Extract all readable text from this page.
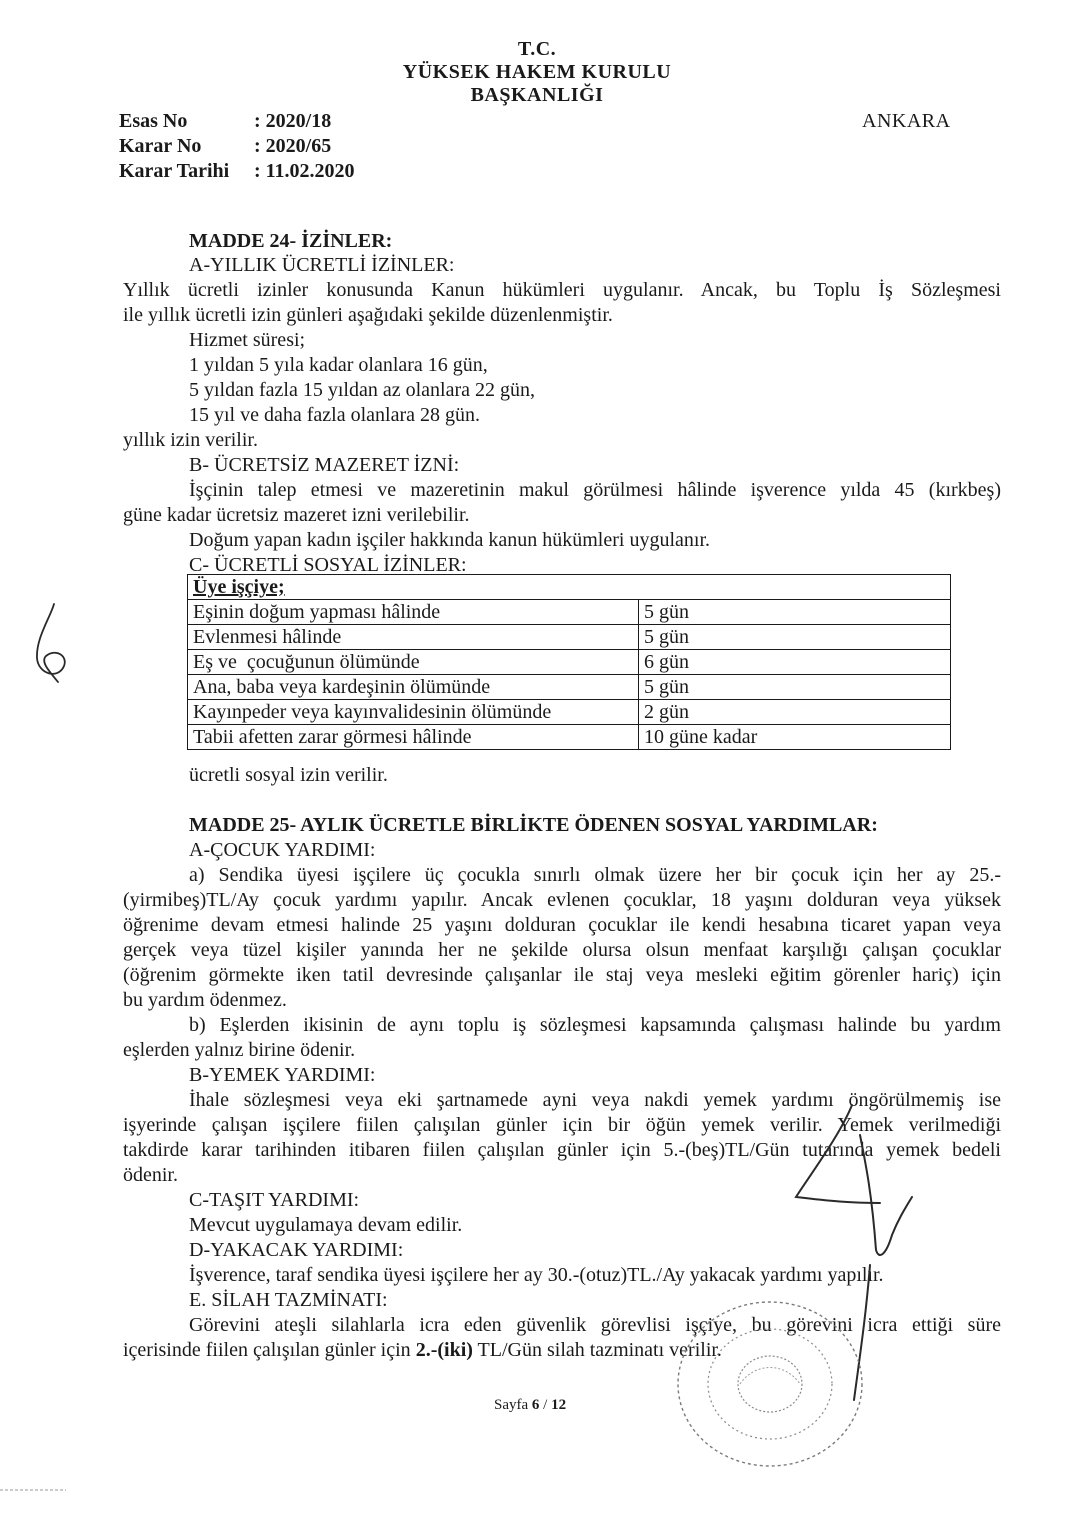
T.C.
YÜKSEK HAKEM KURULU
BAŞKANLIĞI
Esas No	: 2020/18
Karar No	: 2020/65
Karar Tarihi : 11.02.2020
ANKARA
MADDE 24- İZİNLER:
A-YILLIK ÜCRETLİ İZİNLER:
Yıllık ücretli izinler konusunda Kanun hükümleri uygulanır. Ancak, bu Toplu İş Sözleşmesi
ile yıllık ücretli izin günleri aşağıdaki şekilde düzenlenmiştir.
Hizmet süresi;
1 yıldan 5 yıla kadar olanlara 16 gün,
5 yıldan fazla 15 yıldan az olanlara 22 gün,
15 yıl ve daha fazla olanlara 28 gün.
yıllık izin verilir.
B- ÜCRETSİZ MAZERET İZNİ:
İşçinin talep etmesi ve mazeretinin makul görülmesi hâlinde işverence yılda 45 (kırkbeş)
güne kadar ücretsiz mazeret izni verilebilir.
Doğum yapan kadın işçiler hakkında kanun hükümleri uygulanır.
C- ÜCRETLİ SOSYAL İZİNLER:
Üye işçiye;	
Eşinin doğum yapması hâlinde	5 gün
Evlenmesi hâlinde	5 gün
Eş ve  çocuğunun ölümünde	6 gün
Ana, baba veya kardeşinin ölümünde	5 gün
Kayınpeder veya kayınvalidesinin ölümünde	2 gün
Tabii afetten zarar görmesi hâlinde	10 güne kadar
ücretli sosyal izin verilir.
MADDE 25- AYLIK ÜCRETLE BİRLİKTE ÖDENEN SOSYAL YARDIMLAR:
A-ÇOCUK YARDIMI:
a) Sendika üyesi işçilere üç çocukla sınırlı olmak üzere her bir çocuk için her ay 25.-
(yirmibeş)TL/Ay çocuk yardımı yapılır. Ancak evlenen çocuklar, 18 yaşını dolduran veya yüksek
öğrenime devam etmesi halinde 25 yaşını dolduran çocuklar ile kendi hesabına ticaret yapan veya
gerçek veya tüzel kişiler yanında her ne şekilde olursa olsun menfaat karşılığı çalışan çocuklar
(öğrenim görmekte iken tatil devresinde çalışanlar ile staj veya mesleki eğitim görenler hariç) için
bu yardım ödenmez.
b) Eşlerden ikisinin de aynı toplu iş sözleşmesi kapsamında çalışması halinde bu yardım
eşlerden yalnız birine ödenir.
B-YEMEK YARDIMI:
İhale sözleşmesi veya eki şartnamede ayni veya nakdi yemek yardımı öngörülmemiş ise
işyerinde çalışan işçilere fiilen çalışılan günler için bir öğün yemek verilir. Yemek verilmediği
takdirde karar tarihinden itibaren fiilen çalışılan günler için 5.-(beş)TL/Gün tutarında yemek bedeli
ödenir.
C-TAŞIT YARDIMI:
Mevcut uygulamaya devam edilir.
D-YAKACAK YARDIMI:
İşverence, taraf sendika üyesi işçilere her ay 30.-(otuz)TL./Ay yakacak yardımı yapılır.
E. SİLAH TAZMİNATI:
Görevini ateşli silahlarla icra eden güvenlik görevlisi işçiye, bu görevini icra ettiği süre
içerisinde fiilen çalışılan günler için 2.-(iki) TL/Gün silah tazminatı verilir.
Sayfa 6 / 12
